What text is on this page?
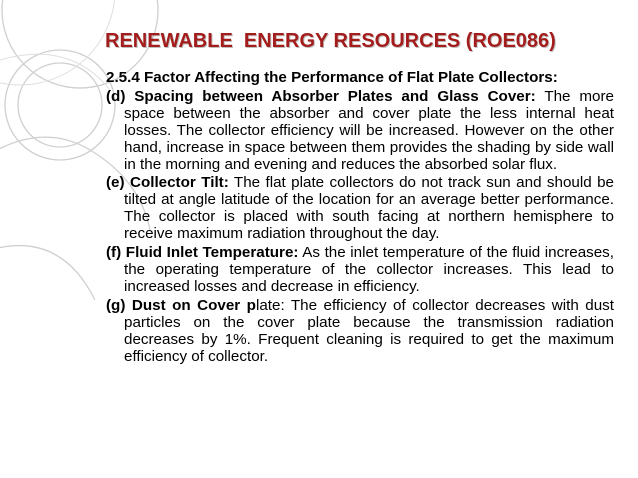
RENEWABLE  ENERGY RESOURCES (ROE086)

2.5.4 Factor Affecting the Performance of Flat Plate Collectors:

(d) Spacing between Absorber Plates and Glass Cover: The more space between the absorber and cover plate the less internal heat losses. The collector efficiency will be increased. However on the other hand, increase in space between them provides the shading by side wall in the morning and evening and reduces the absorbed solar flux.

(e) Collector Tilt: The flat plate collectors do not track sun and should be tilted at angle latitude of the location for an average better performance. The collector is placed with south facing at northern hemisphere to receive maximum radiation throughout the day.

(f) Fluid Inlet Temperature: As the inlet temperature of the fluid increases, the operating temperature of the collector increases. This lead to increased losses and decrease in efficiency.

(g) Dust on Cover plate: The efficiency of collector decreases with dust particles on the cover plate because the transmission radiation decreases by 1%. Frequent cleaning is required to get the maximum efficiency of collector.
